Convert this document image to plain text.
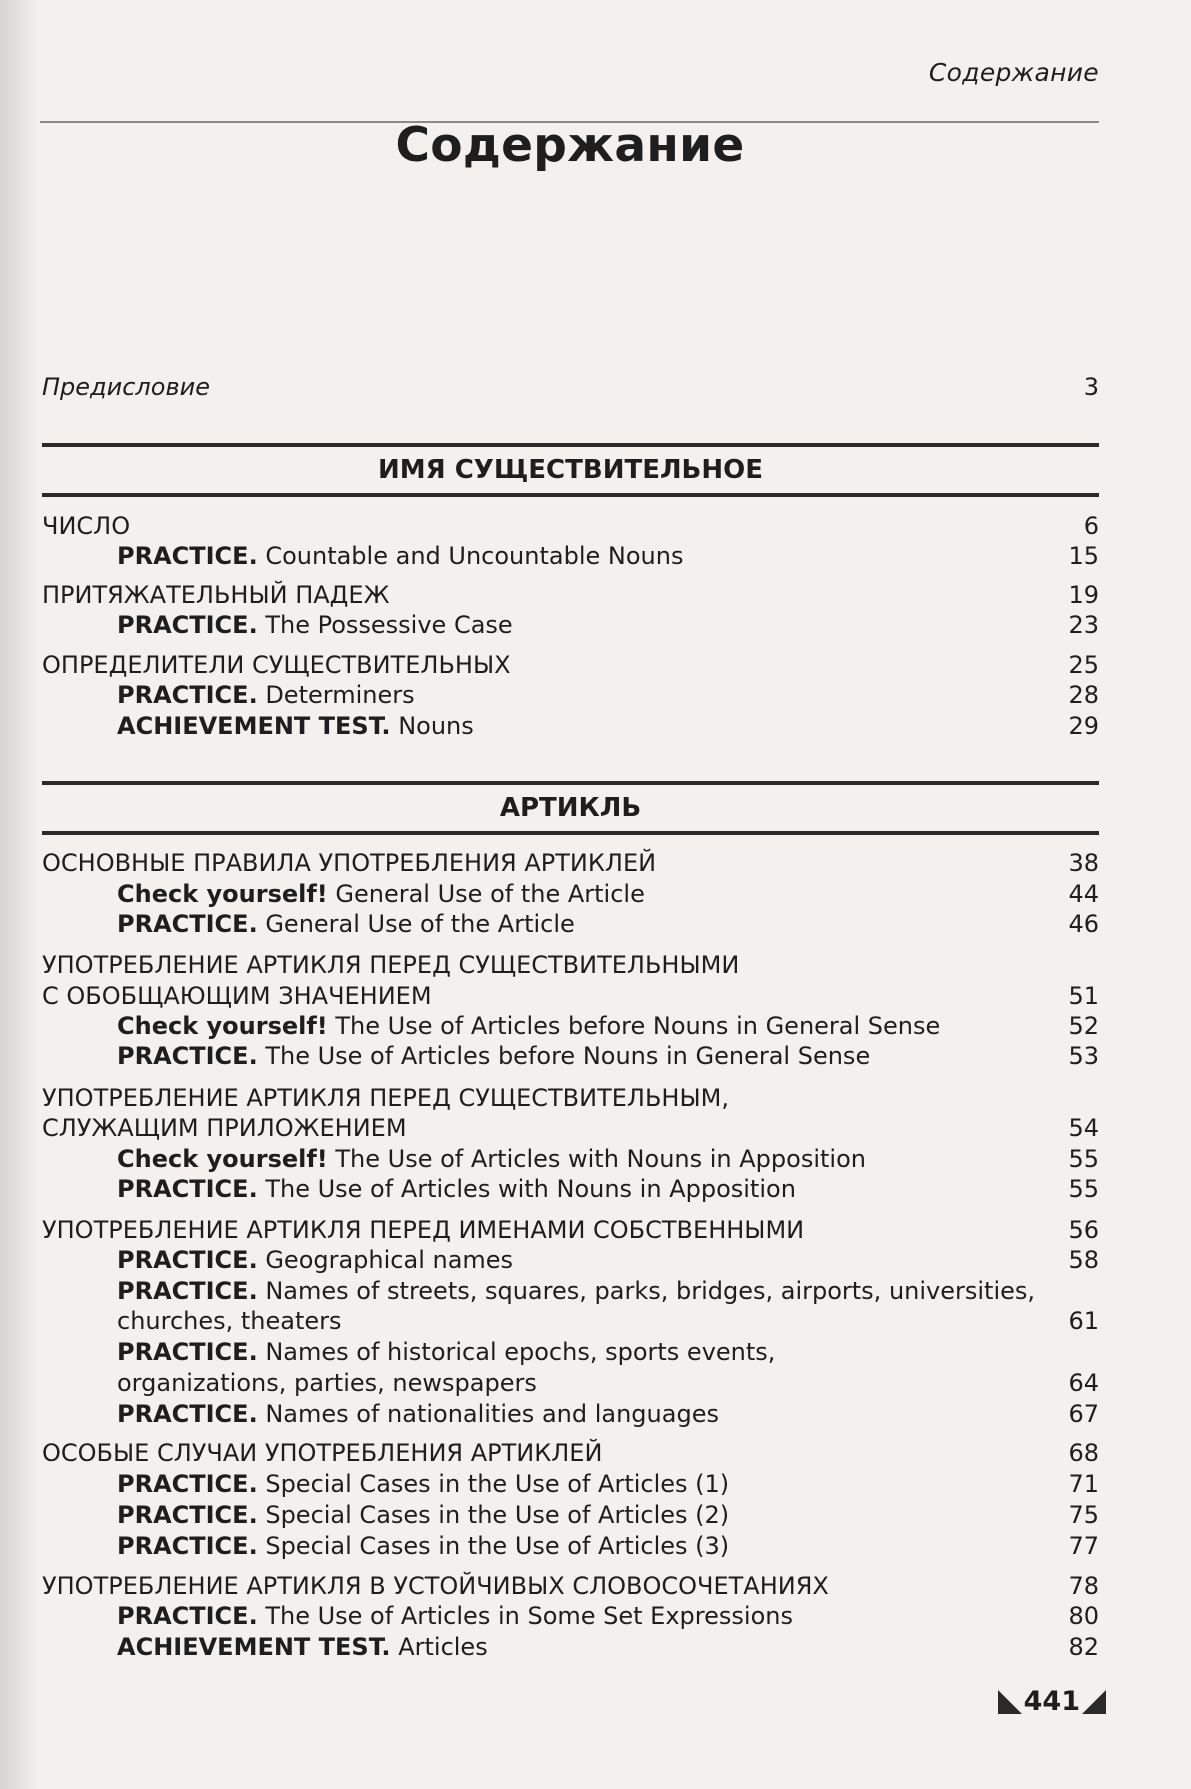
Содержание
Содержание
Предисловие	3
ИМЯ СУЩЕСТВИТЕЛЬНОЕ
ЧИСЛО	6
PRACTICE. Countable and Uncountable Nouns	15
ПРИТЯЖАТЕЛЬНЫЙ ПАДЕЖ	19
PRACTICE. The Possessive Case	23
ОПРЕДЕЛИТЕЛИ СУЩЕСТВИТЕЛЬНЫХ	25
PRACTICE. Determiners	28
ACHIEVEMENT TEST. Nouns	29
АРТИКЛЬ
ОСНОВНЫЕ ПРАВИЛА УПОТРЕБЛЕНИЯ АРТИКЛЕЙ	38
Check yourself! General Use of the Article	44
PRACTICE. General Use of the Article	46
УПОТРЕБЛЕНИЕ АРТИКЛЯ ПЕРЕД СУЩЕСТВИТЕЛЬНЫМИ
С ОБОБЩАЮЩИМ ЗНАЧЕНИЕМ	51
Check yourself! The Use of Articles before Nouns in General Sense	52
PRACTICE. The Use of Articles before Nouns in General Sense	53
УПОТРЕБЛЕНИЕ АРТИКЛЯ ПЕРЕД СУЩЕСТВИТЕЛЬНЫМ,
СЛУЖАЩИМ ПРИЛОЖЕНИЕМ	54
Check yourself! The Use of Articles with Nouns in Apposition	55
PRACTICE. The Use of Articles with Nouns in Apposition	55
УПОТРЕБЛЕНИЕ АРТИКЛЯ ПЕРЕД ИМЕНАМИ СОБСТВЕННЫМИ	56
PRACTICE. Geographical names	58
PRACTICE. Names of streets, squares, parks, bridges, airports, universities,
churches, theaters	61
PRACTICE. Names of historical epochs, sports events,
organizations, parties, newspapers	64
PRACTICE. Names of nationalities and languages	67
ОСОБЫЕ СЛУЧАИ УПОТРЕБЛЕНИЯ АРТИКЛЕЙ	68
PRACTICE. Special Cases in the Use of Articles (1)	71
PRACTICE. Special Cases in the Use of Articles (2)	75
PRACTICE. Special Cases in the Use of Articles (3)	77
УПОТРЕБЛЕНИЕ АРТИКЛЯ В УСТОЙЧИВЫХ СЛОВОСОЧЕТАНИЯХ	78
PRACTICE. The Use of Articles in Some Set Expressions	80
ACHIEVEMENT TEST. Articles	82
441
